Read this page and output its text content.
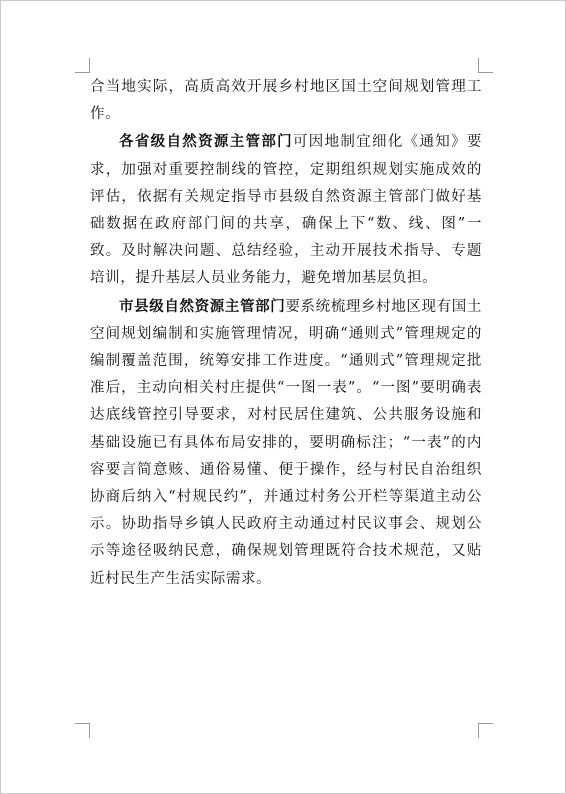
合当地实际，高质高效开展乡村地区国土空间规划管理工作。

各省级自然资源主管部门可因地制宜细化《通知》要求，加强对重要控制线的管控，定期组织规划实施成效的评估，依据有关规定指导市县级自然资源主管部门做好基础数据在政府部门间的共享，确保上下“数、线、图”一致。及时解决问题、总结经验，主动开展技术指导、专题培训，提升基层人员业务能力，避免增加基层负担。

市县级自然资源主管部门要系统梳理乡村地区现有国土空间规划编制和实施管理情况，明确“通则式”管理规定的编制覆盖范围，统筹安排工作进度。“通则式”管理规定批准后，主动向相关村庄提供“一图一表”。“一图”要明确表达底线管控引导要求，对村民居住建筑、公共服务设施和基础设施已有具体布局安排的，要明确标注；“一表”的内容要言简意赅、通俗易懂、便于操作，经与村民自治组织协商后纳入“村规民约”，并通过村务公开栏等渠道主动公示。协助指导乡镇人民政府主动通过村民议事会、规划公示等途径吸纳民意，确保规划管理既符合技术规范，又贴近村民生产生活实际需求。
